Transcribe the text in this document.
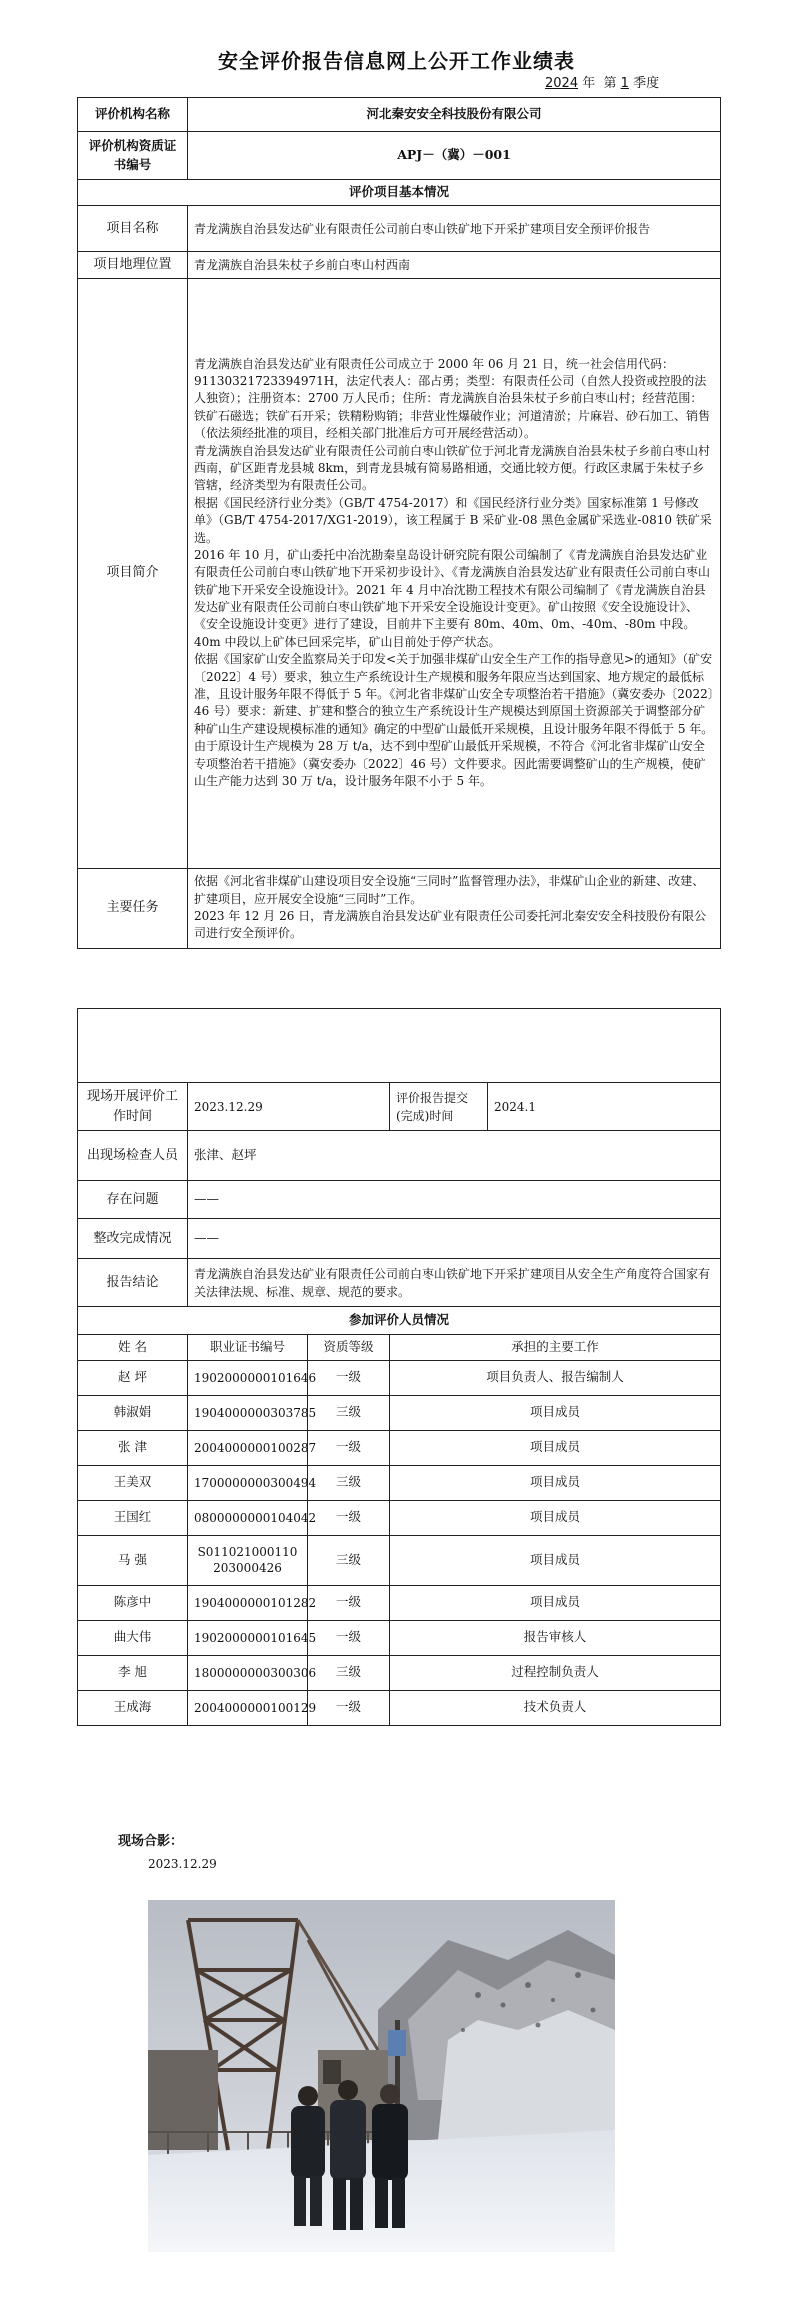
安全评价报告信息网上公开工作业绩表
2024 年 第 1 季度
评价机构名称	河北秦安安全科技股份有限公司
评价机构资质证书编号	APJ－（冀）－001
评价项目基本情况	
项目名称	青龙满族自治县发达矿业有限责任公司前白枣山铁矿地下开采扩建项目安全预评价报告
项目地理位置	青龙满族自治县朱杖子乡前白枣山村西南
项目简介	青龙满族自治县发达矿业有限责任公司成立于 2000 年 06 月 21 日，统一社会信用代码：91130321723394971H，法定代表人：邵占勇；类型：有限责任公司（自然人投资或控股的法人独资）；注册资本：2700 万人民币；住所：青龙满族自治县朱杖子乡前白枣山村；经营范围：铁矿石磁选；铁矿石开采；铁精粉购销；非营业性爆破作业；河道清淤；片麻岩、砂石加工、销售（依法须经批准的项目，经相关部门批准后方可开展经营活动）。

青龙满族自治县发达矿业有限责任公司前白枣山铁矿位于河北青龙满族自治县朱杖子乡前白枣山村西南，矿区距青龙县城 8km，到青龙县城有简易路相通，交通比较方便。行政区隶属于朱杖子乡管辖，经济类型为有限责任公司。

根据《国民经济行业分类》（GB/T 4754-2017）和《国民经济行业分类》国家标准第 1 号修改单》（GB/T 4754-2017/XG1-2019），该工程属于 B 采矿业-08 黑色金属矿采选业-0810 铁矿采选。

2016 年 10 月，矿山委托中冶沈勘秦皇岛设计研究院有限公司编制了《青龙满族自治县发达矿业有限责任公司前白枣山铁矿地下开采初步设计》、《青龙满族自治县发达矿业有限责任公司前白枣山铁矿地下开采安全设施设计》。2021 年 4 月中冶沈勘工程技术有限公司编制了《青龙满族自治县发达矿业有限责任公司前白枣山铁矿地下开采安全设施设计变更》。矿山按照《安全设施设计》、《安全设施设计变更》进行了建设，目前井下主要有 80m、40m、0m、-40m、-80m 中段。40m 中段以上矿体已回采完毕，矿山目前处于停产状态。

依据《国家矿山安全监察局关于印发<关于加强非煤矿山安全生产工作的指导意见>的通知》（矿安〔2022〕4 号）要求，独立生产系统设计生产规模和服务年限应当达到国家、地方规定的最低标准，且设计服务年限不得低于 5 年。《河北省非煤矿山安全专项整治若干措施》（冀安委办〔2022〕46 号）要求：新建、扩建和整合的独立生产系统设计生产规模达到原国土资源部关于调整部分矿种矿山生产建设规模标准的通知》确定的中型矿山最低开采规模，且设计服务年限不得低于 5 年。由于原设计生产规模为 28 万 t/a，达不到中型矿山最低开采规模，不符合《河北省非煤矿山安全专项整治若干措施》（冀安委办〔2022〕46 号）文件要求。因此需要调整矿山的生产规模，使矿山生产能力达到 30 万 t/a，设计服务年限不小于 5 年。

主要任务	依据《河北省非煤矿山建设项目安全设施“三同时”监督管理办法》，非煤矿山企业的新建、改建、扩建项目，应开展安全设施“三同时”工作。

2023 年 12 月 26 日，青龙满族自治县发达矿业有限责任公司委托河北秦安安全科技股份有限公司进行安全预评价。

现场开展评价工作时间	2023.12.29		评价报告提交(完成)时间	2024.1
出现场检查人员	张津、赵坪			
存在问题	——			
整改完成情况	——			
报告结论	青龙满族自治县发达矿业有限责任公司前白枣山铁矿地下开采扩建项目从安全生产角度符合国家有关法律法规、标准、规章、规范的要求。			
参加评价人员情况				
姓 名	职业证书编号	资质等级	承担的主要工作	
赵 坪	1902000000101646	一级	项目负责人、报告编制人	
韩淑娟	1904000000303785	三级	项目成员	
张 津	2004000000100287	一级	项目成员	
王美双	1700000000300494	三级	项目成员	
王国红	0800000000104042	一级	项目成员	
马 强	S011021000110203000426	三级	项目成员	
陈彦中	1904000000101282	一级	项目成员	
曲大伟	1902000000101645	一级	报告审核人	
李 旭	1800000000300306	三级	过程控制负责人	
王成海	2004000000100129	一级	技术负责人	
现场合影：
2023.12.29
